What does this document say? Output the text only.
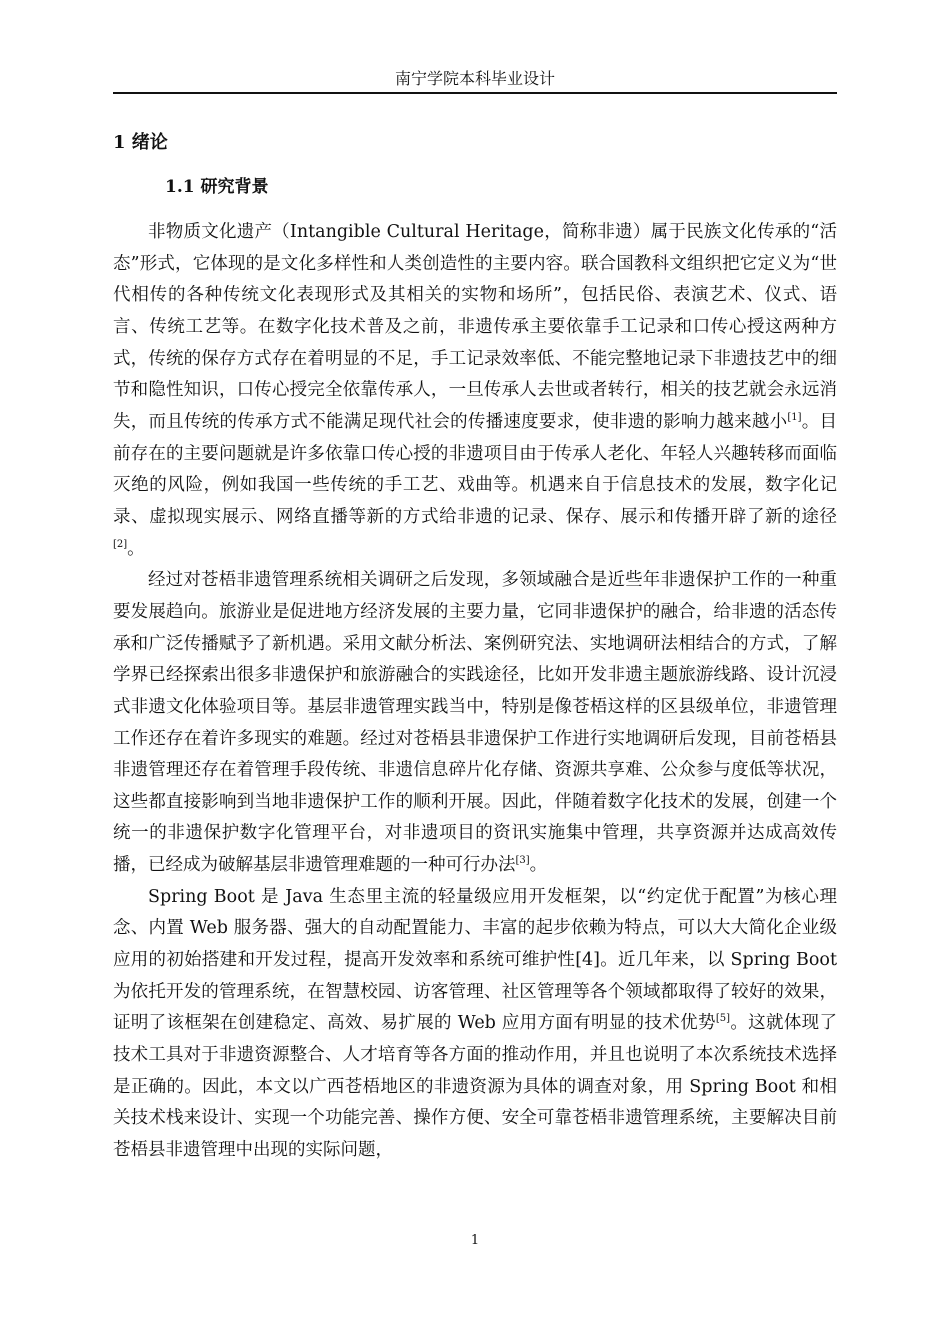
南宁学院本科毕业设计
1 绪论
1.1 研究背景

非物质文化遗产（Intangible Cultural Heritage，简称非遗）属于民族文化传承的“活态”形式，它体现的是文化多样性和人类创造性的主要内容。联合国教科文组织把它定义为“世代相传的各种传统文化表现形式及其相关的实物和场所”，包括民俗、表演艺术、仪式、语言、传统工艺等。在数字化技术普及之前，非遗传承主要依靠手工记录和口传心授这两种方式，传统的保存方式存在着明显的不足，手工记录效率低、不能完整地记录下非遗技艺中的细节和隐性知识，口传心授完全依靠传承人，一旦传承人去世或者转行，相关的技艺就会永远消失，而且传统的传承方式不能满足现代社会的传播速度要求，使非遗的影响力越来越小[1]。目前存在的主要问题就是许多依靠口传心授的非遗项目由于传承人老化、年轻人兴趣转移而面临灭绝的风险，例如我国一些传统的手工艺、戏曲等。机遇来自于信息技术的发展，数字化记录、虚拟现实展示、网络直播等新的方式给非遗的记录、保存、展示和传播开辟了新的途径[2]。

经过对苍梧非遗管理系统相关调研之后发现，多领域融合是近些年非遗保护工作的一种重要发展趋向。旅游业是促进地方经济发展的主要力量，它同非遗保护的融合，给非遗的活态传承和广泛传播赋予了新机遇。采用文献分析法、案例研究法、实地调研法相结合的方式，了解学界已经探索出很多非遗保护和旅游融合的实践途径，比如开发非遗主题旅游线路、设计沉浸式非遗文化体验项目等。基层非遗管理实践当中，特别是像苍梧这样的区县级单位，非遗管理工作还存在着许多现实的难题。经过对苍梧县非遗保护工作进行实地调研后发现，目前苍梧县非遗管理还存在着管理手段传统、非遗信息碎片化存储、资源共享难、公众参与度低等状况，这些都直接影响到当地非遗保护工作的顺利开展。因此，伴随着数字化技术的发展，创建一个统一的非遗保护数字化管理平台，对非遗项目的资讯实施集中管理，共享资源并达成高效传播，已经成为破解基层非遗管理难题的一种可行办法[3]。

Spring Boot 是 Java 生态里主流的轻量级应用开发框架，以“约定优于配置”为核心理念、内置 Web 服务器、强大的自动配置能力、丰富的起步依赖为特点，可以大大简化企业级应用的初始搭建和开发过程，提高开发效率和系统可维护性[4]。近几年来，以 Spring Boot 为依托开发的管理系统，在智慧校园、访客管理、社区管理等各个领域都取得了较好的效果，证明了该框架在创建稳定、高效、易扩展的 Web 应用方面有明显的技术优势[5]。这就体现了技术工具对于非遗资源整合、人才培育等各方面的推动作用，并且也说明了本次系统技术选择是正确的。因此，本文以广西苍梧地区的非遗资源为具体的调查对象，用 Spring Boot 和相关技术栈来设计、实现一个功能完善、操作方便、安全可靠苍梧非遗管理系统，主要解决目前苍梧县非遗管理中出现的实际问题，

1
